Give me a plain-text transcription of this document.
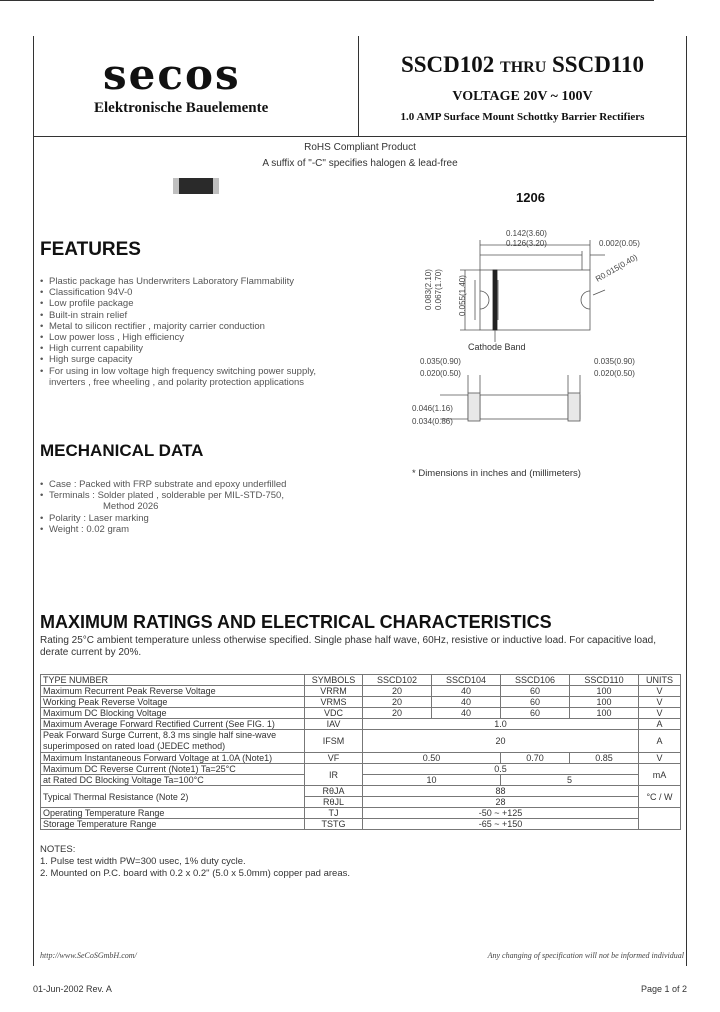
secos
Elektronische Bauelemente
SSCD102 THRU SSCD110
VOLTAGE 20V ~ 100V
1.0 AMP Surface Mount Schottky Barrier Rectifiers
RoHS Compliant Product
A suffix of "-C" specifies halogen & lead-free
1206
FEATURES
• Plastic package has Underwriters Laboratory Flammability
• Classification 94V-0
• Low profile package
• Built-in strain relief
• Metal to silicon rectifier , majority carrier conduction
• Low power loss , High efficiency
• High current capability
• High surge capacity
• For using in low voltage high frequency switching power supply,
inverters , free wheeling , and polarity protection applications
MECHANICAL DATA
• Case : Packed with FRP substrate and epoxy underfilled
• Terminals : Solder plated , solderable per MIL-STD-750,
Method 2026
• Polarity : Laser marking
• Weight : 0.02 gram
0.142(3.60)
0.126(3.20)	0.002(0.05)
R0.015(0.40)
0.083(2.10) 0.067(1.70) 0.055(1.40)
Cathode Band
0.035(0.90)
0.020(0.50)
0.035(0.90)
0.020(0.50)
0.046(1.16)
0.034(0.86)
* Dimensions in inches and (millimeters)
MAXIMUM RATINGS AND ELECTRICAL CHARACTERISTICS
Rating 25°C ambient temperature unless otherwise specified. Single phase half wave, 60Hz, resistive or inductive load. For capacitive load,
derate current by 20%.
TYPE NUMBER	SYMBOLS	SSCD102	SSCD104	SSCD106	SSCD110	UNITS
Maximum Recurrent Peak Reverse Voltage	VRRM	20	40	60	100	V
Working Peak Reverse Voltage	VRMS	20	40	60	100	V
Maximum DC Blocking Voltage	VDC	20	40	60	100	V
Maximum Average Forward Rectified Current (See FIG. 1)	IAV	1.0				A

Peak Forward Surge Current, 8.3 ms single half sine-wave
superimposed on rated load (JEDEC method)	IFSM	20				A
Maximum Instantaneous Forward Voltage at 1.0A (Note1)	VF	0.50		0.70	0.85	V
Maximum DC Reverse Current (Note1) Ta=25°C	IR	0.5				mA
at Rated DC Blocking Voltage Ta=100°C		10		5		
Typical Thermal Resistance (Note 2)	RθJA	88				°C / W
	RθJL	28				
Operating Temperature Range	TJ	-50 ~ +125				
Storage Temperature Range	TSTG	-65 ~ +150				
NOTES:
1. Pulse test width PW=300 usec, 1% duty cycle.
2. Mounted on P.C. board with 0.2 x 0.2" (5.0 x 5.0mm) copper pad areas.
http://www.SeCoSGmbH.com/	Any changing of specification will not be informed individual
01-Jun-2002 Rev. A	Page 1 of 2
